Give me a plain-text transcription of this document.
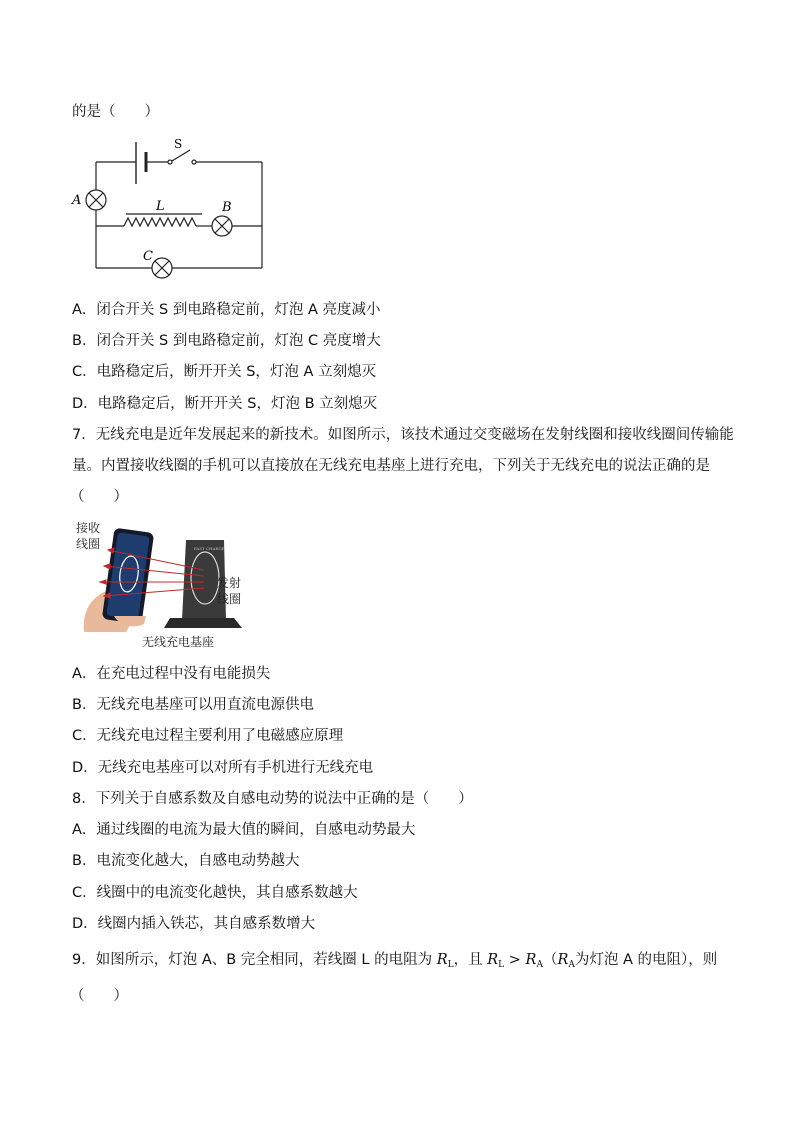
的是（　　）
S
A	L	B
C
A．闭合开关 S 到电路稳定前，灯泡 A 亮度减小
B．闭合开关 S 到电路稳定前，灯泡 C 亮度增大
C．电路稳定后，断开开关 S，灯泡 A 立刻熄灭
D．电路稳定后，断开开关 S，灯泡 B 立刻熄灭
7．无线充电是近年发展起来的新技术。如图所示，该技术通过交变磁场在发射线圈和接收线圈间传输能
量。内置接收线圈的手机可以直接放在无线充电基座上进行充电，下列关于无线充电的说法正确的是
（　　）
FAST CHARGE
接收
线圈
发射
线圈
无线充电基座
A．在充电过程中没有电能损失
B．无线充电基座可以用直流电源供电
C．无线充电过程主要利用了电磁感应原理
D．无线充电基座可以对所有手机进行无线充电
8．下列关于自感系数及自感电动势的说法中正确的是（　　）
A．通过线圈的电流为最大值的瞬间，自感电动势最大
B．电流变化越大，自感电动势越大
C．线圈中的电流变化越快，其自感系数越大
D．线圈内插入铁芯，其自感系数增大
9．如图所示，灯泡 A、B 完全相同，若线圈 L 的电阻为 $R_L$，且 $R_L > R_A(R_A$为灯泡 A 的电阻），则
（　　）
